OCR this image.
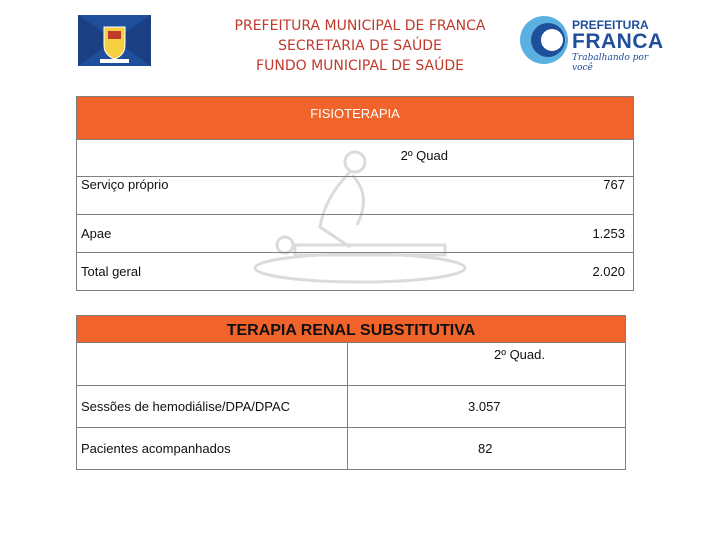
PREFEITURA MUNICIPAL DE FRANCA
SECRETARIA DE SAÚDE
FUNDO MUNICIPAL DE SAÚDE
PREFEITURA
FRANCA
Trabalhando por você
FISIOTERAPIA	
2º Quad	
Serviço próprio	767
Apae	1.253
Total geral	2.020
TERAPIA RENAL SUBSTITUTIVA	
	2º Quad.
Sessões de hemodiálise/DPA/DPAC	3.057
Pacientes acompanhados	82
